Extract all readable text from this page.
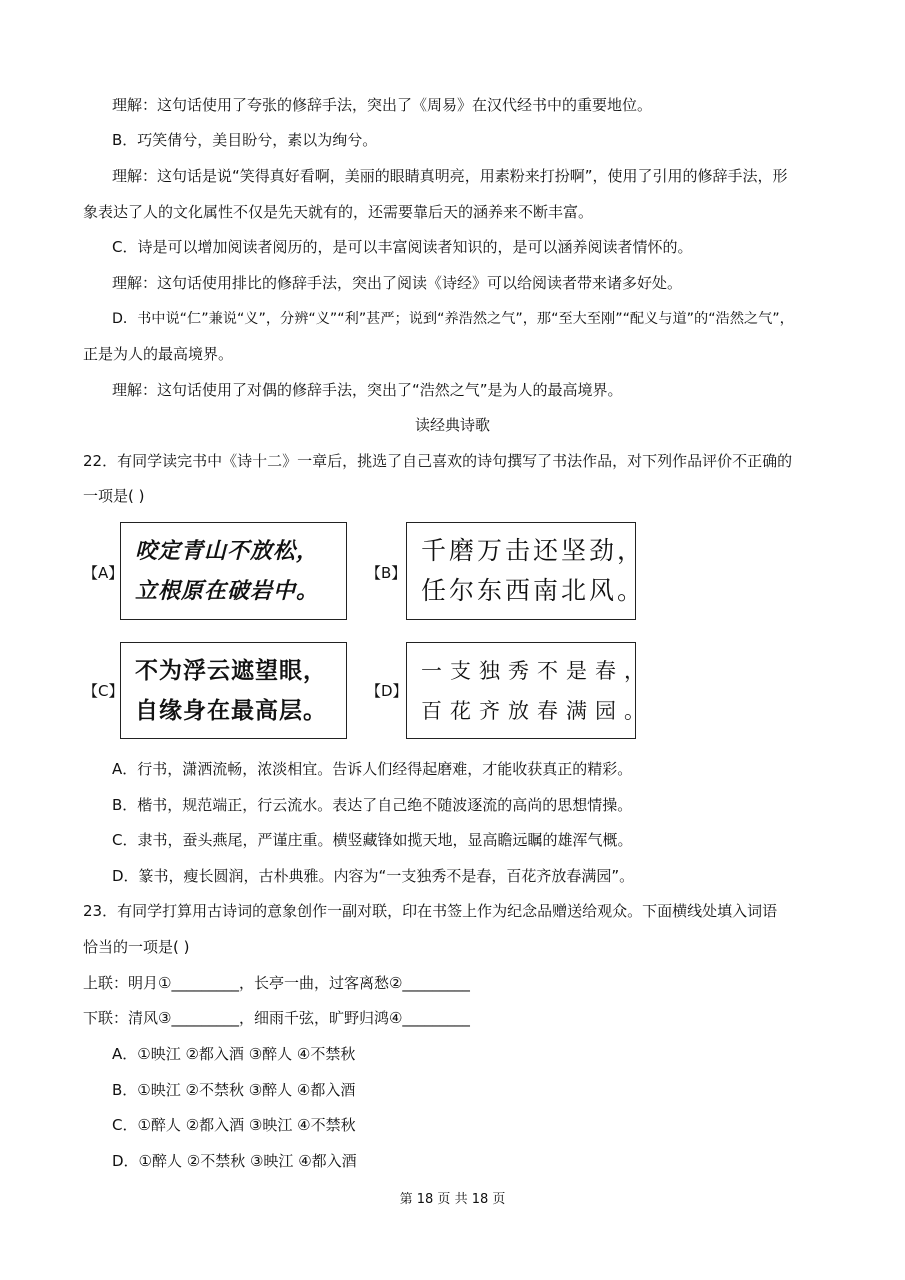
理解：这句话使用了夸张的修辞手法，突出了《周易》在汉代经书中的重要地位。
B．巧笑倩兮，美目盼兮，素以为绚兮。
理解：这句话是说“笑得真好看啊，美丽的眼睛真明亮，用素粉来打扮啊”，使用了引用的修辞手法，形
象表达了人的文化属性不仅是先天就有的，还需要靠后天的涵养来不断丰富。
C．诗是可以增加阅读者阅历的，是可以丰富阅读者知识的，是可以涵养阅读者情怀的。
理解：这句话使用排比的修辞手法，突出了阅读《诗经》可以给阅读者带来诸多好处。
D．书中说“仁”兼说“义”，分辨“义”“利”甚严；说到“养浩然之气”，那“至大至刚”“配义与道”的“浩然之气”，
正是为人的最高境界。
理解：这句话使用了对偶的修辞手法，突出了“浩然之气”是为人的最高境界。
读经典诗歌
22．有同学读完书中《诗十二》一章后，挑选了自己喜欢的诗句撰写了书法作品，对下列作品评价不正确的
一项是( )
【A】
咬定青山不放松，
立根原在破岩中。
【B】
千磨万击还坚劲，
任尔东西南北风。
【C】
不为浮云遮望眼，
自缘身在最高层。
【D】
一支独秀不是春，
百花齐放春满园。
A．行书，潇洒流畅，浓淡相宜。告诉人们经得起磨难，才能收获真正的精彩。
B．楷书，规范端正，行云流水。表达了自己绝不随波逐流的高尚的思想情操。
C．隶书，蚕头燕尾，严谨庄重。横竖藏锋如揽天地，显高瞻远瞩的雄浑气概。
D．篆书，瘦长圆润，古朴典雅。内容为“一支独秀不是春，百花齐放春满园”。
23．有同学打算用古诗词的意象创作一副对联，印在书签上作为纪念品赠送给观众。下面横线处填入词语
恰当的一项是( )
上联：明月①_________，长亭一曲，过客离愁②_________
下联：清风③_________，细雨千弦，旷野归鸿④_________
A．①映江 ②都入酒 ③醉人 ④不禁秋
B．①映江 ②不禁秋 ③醉人 ④都入酒
C．①醉人 ②都入酒 ③映江 ④不禁秋
D．①醉人 ②不禁秋 ③映江 ④都入酒
第 18 页 共 18 页
